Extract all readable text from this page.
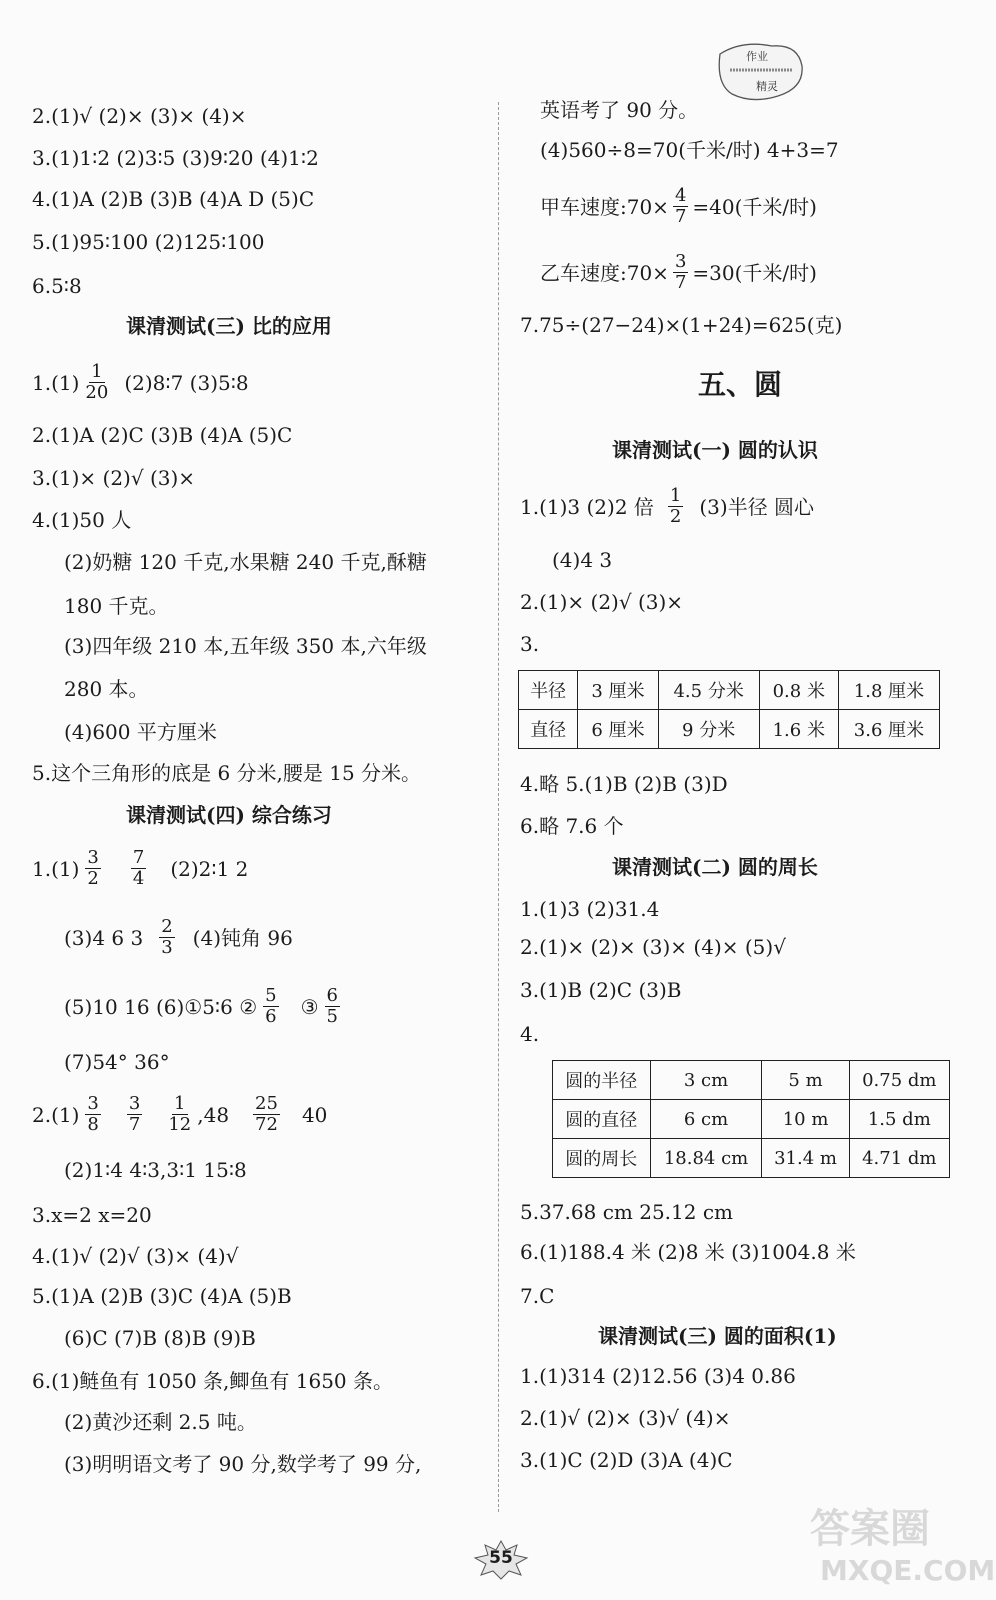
作业
精灵
2.(1)√ (2)× (3)× (4)×
3.(1)1∶2 (2)3∶5 (3)9∶20 (4)1∶2
4.(1)A (2)B (3)B (4)A D (5)C
5.(1)95∶100 (2)125∶100
6.5∶8
课清测试(三) 比的应用
1.(1) 1
20 (2)8∶7 (3)5∶8
2.(1)A (2)C (3)B (4)A (5)C
3.(1)× (2)√ (3)×
4.(1)50 人
(2)奶糖 120 千克,水果糖 240 千克,酥糖
180 千克。
(3)四年级 210 本,五年级 350 本,六年级
280 本。
(4)600 平方厘米
5.这个三角形的底是 6 分米,腰是 15 分米。
课清测试(四) 综合练习
1.(1) 3
2
7
4 (2)2∶1 2
(3)4 6 3 2
3 (4)钝角 96
(5)10 16 (6)①5∶6 ② 5
6 ③ 6
5
(7)54° 36°
2.(1) 3
8
3
7
1
12 ,48 25
72 40
(2)1∶4 4∶3,3∶1 15∶8
3.x=2 x=20
4.(1)√ (2)√ (3)× (4)√
5.(1)A (2)B (3)C (4)A (5)B
(6)C (7)B (8)B (9)B
6.(1)鲢鱼有 1050 条,鲫鱼有 1650 条。
(2)黄沙还剩 2.5 吨。
(3)明明语文考了 90 分,数学考了 99 分,
英语考了 90 分。
(4)560÷8=70(千米/时) 4+3=7
甲车速度:70× $\frac{4}{7} =40$(千米/时)
乙车速度:70× $\frac{3}{7} =30$(千米/时)
7.75÷(27−24)×(1+24)=625(克)
五、圆
课清测试(一) 圆的认识
1.(1)3 (2)2 倍 1
2 (3)半径 圆心
(4)4 3
2.(1)× (2)√ (3)×
3.
半径	3 厘米	4.5 分米	0.8 米	1.8 厘米
直径	6 厘米	9 分米	1.6 米	3.6 厘米
4.略 5.(1)B (2)B (3)D
6.略 7.6 个
课清测试(二) 圆的周长
1.(1)3 (2)31.4
2.(1)× (2)× (3)× (4)× (5)√
3.(1)B (2)C (3)B
4.
圆的半径	3 cm	5 m	0.75 dm
圆的直径	6 cm	10 m	1.5 dm
圆的周长	18.84 cm	31.4 m	4.71 dm
5.37.68 cm 25.12 cm
6.(1)188.4 米 (2)8 米 (3)1004.8 米
7.C
课清测试(三) 圆的面积(1)
1.(1)314 (2)12.56 (3)4 0.86
2.(1)√ (2)× (3)√ (4)×
3.(1)C (2)D (3)A (4)C
55
答案圈
MXQE.COM
